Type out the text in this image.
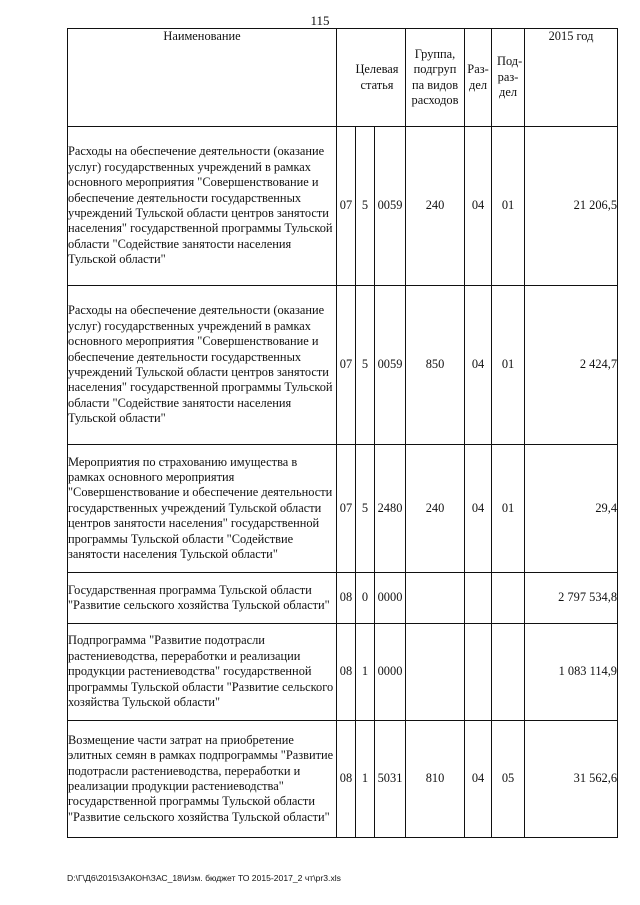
115
Наименование	Целевая статья			Группа, подгруп па видов расходов	Раз- дел	Под- раз- дел	2015 год
Расходы на обеспечение деятельности (оказание услуг) государственных учреждений в рамках основного мероприятия "Совершенствование и обеспечение деятельности государственных учреждений Тульской области центров занятости населения" государственной программы Тульской области "Содействие занятости населения Тульской области"	07	5	0059	240	04	01	21 206,5
Расходы на обеспечение деятельности (оказание услуг) государственных учреждений в рамках основного мероприятия "Совершенствование и обеспечение деятельности государственных учреждений Тульской области центров занятости населения" государственной программы Тульской области "Содействие занятости населения Тульской области"	07	5	0059	850	04	01	2 424,7
Мероприятия по страхованию имущества в рамках основного мероприятия "Совершенствование и обеспечение деятельности государственных учреждений Тульской области центров занятости населения" государственной программы Тульской области "Содействие занятости населения Тульской области"	07	5	2480	240	04	01	29,4
Государственная программа Тульской области "Развитие сельского хозяйства Тульской области"	08	0	0000				2 797 534,8
Подпрограмма "Развитие подотрасли растениеводства, переработки и реализации продукции растениеводства" государственной программы Тульской области "Развитие сельского хозяйства Тульской области"	08	1	0000				1 083 114,9
Возмещение части затрат на приобретение элитных семян в рамках подпрограммы "Развитие подотрасли растениеводства, переработки и реализации продукции растениеводства" государственной программы Тульской области "Развитие сельского хозяйства Тульской области"	08	1	5031	810	04	05	31 562,6
D:\Г\Д6\2015\ЗАКОН\ЗАС_18\Изм. бюджет ТО 2015-2017_2 чт\pr3.xls
